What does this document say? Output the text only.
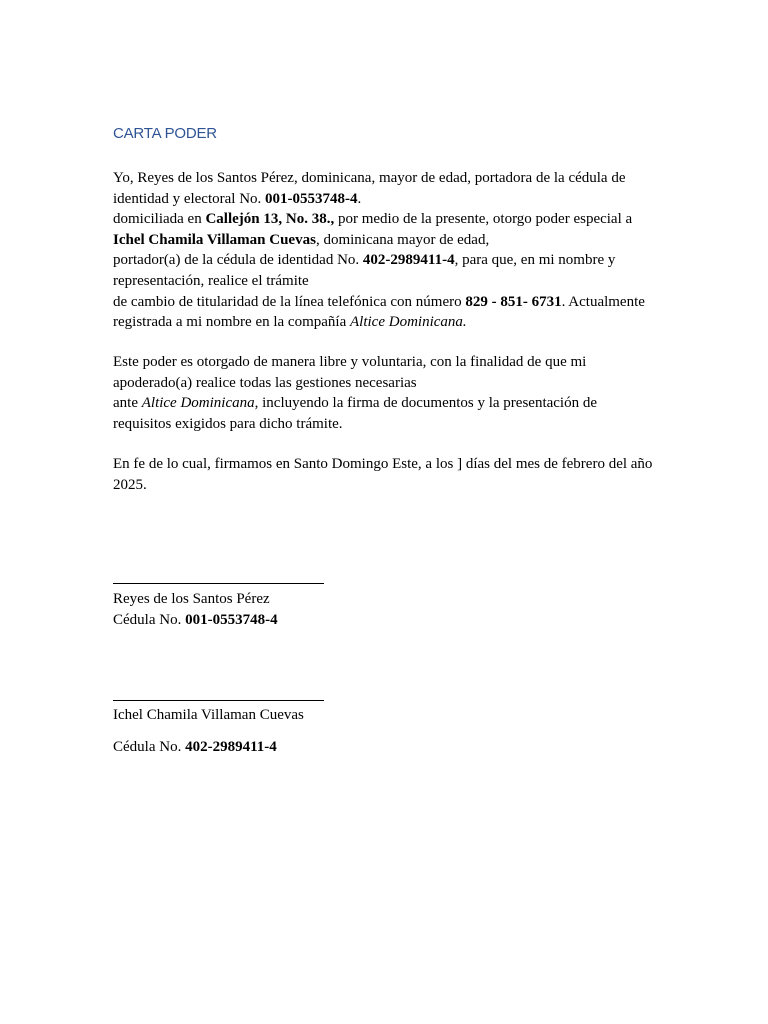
CARTA PODER

Yo, Reyes de los Santos Pérez, dominicana, mayor de edad, portadora de la cédula de
identidad y electoral No. 001-0553748-4.
domiciliada en Callejón 13, No. 38., por medio de la presente, otorgo poder especial a
Ichel Chamila Villaman Cuevas, dominicana mayor de edad,
portador(a) de la cédula de identidad No. 402-2989411-4, para que, en mi nombre y
representación, realice el trámite
de cambio de titularidad de la línea telefónica con número 829 - 851- 6731. Actualmente
registrada a mi nombre en la compañía Altice Dominicana.

Este poder es otorgado de manera libre y voluntaria, con la finalidad de que mi
apoderado(a) realice todas las gestiones necesarias
ante Altice Dominicana, incluyendo la firma de documentos y la presentación de
requisitos exigidos para dicho trámite.

En fe de lo cual, firmamos en Santo Domingo Este, a los ] días del mes de febrero del año
2025.

Reyes de los Santos Pérez
Cédula No. 001-0553748-4
Ichel Chamila Villaman Cuevas
Cédula No. 402-2989411-4
